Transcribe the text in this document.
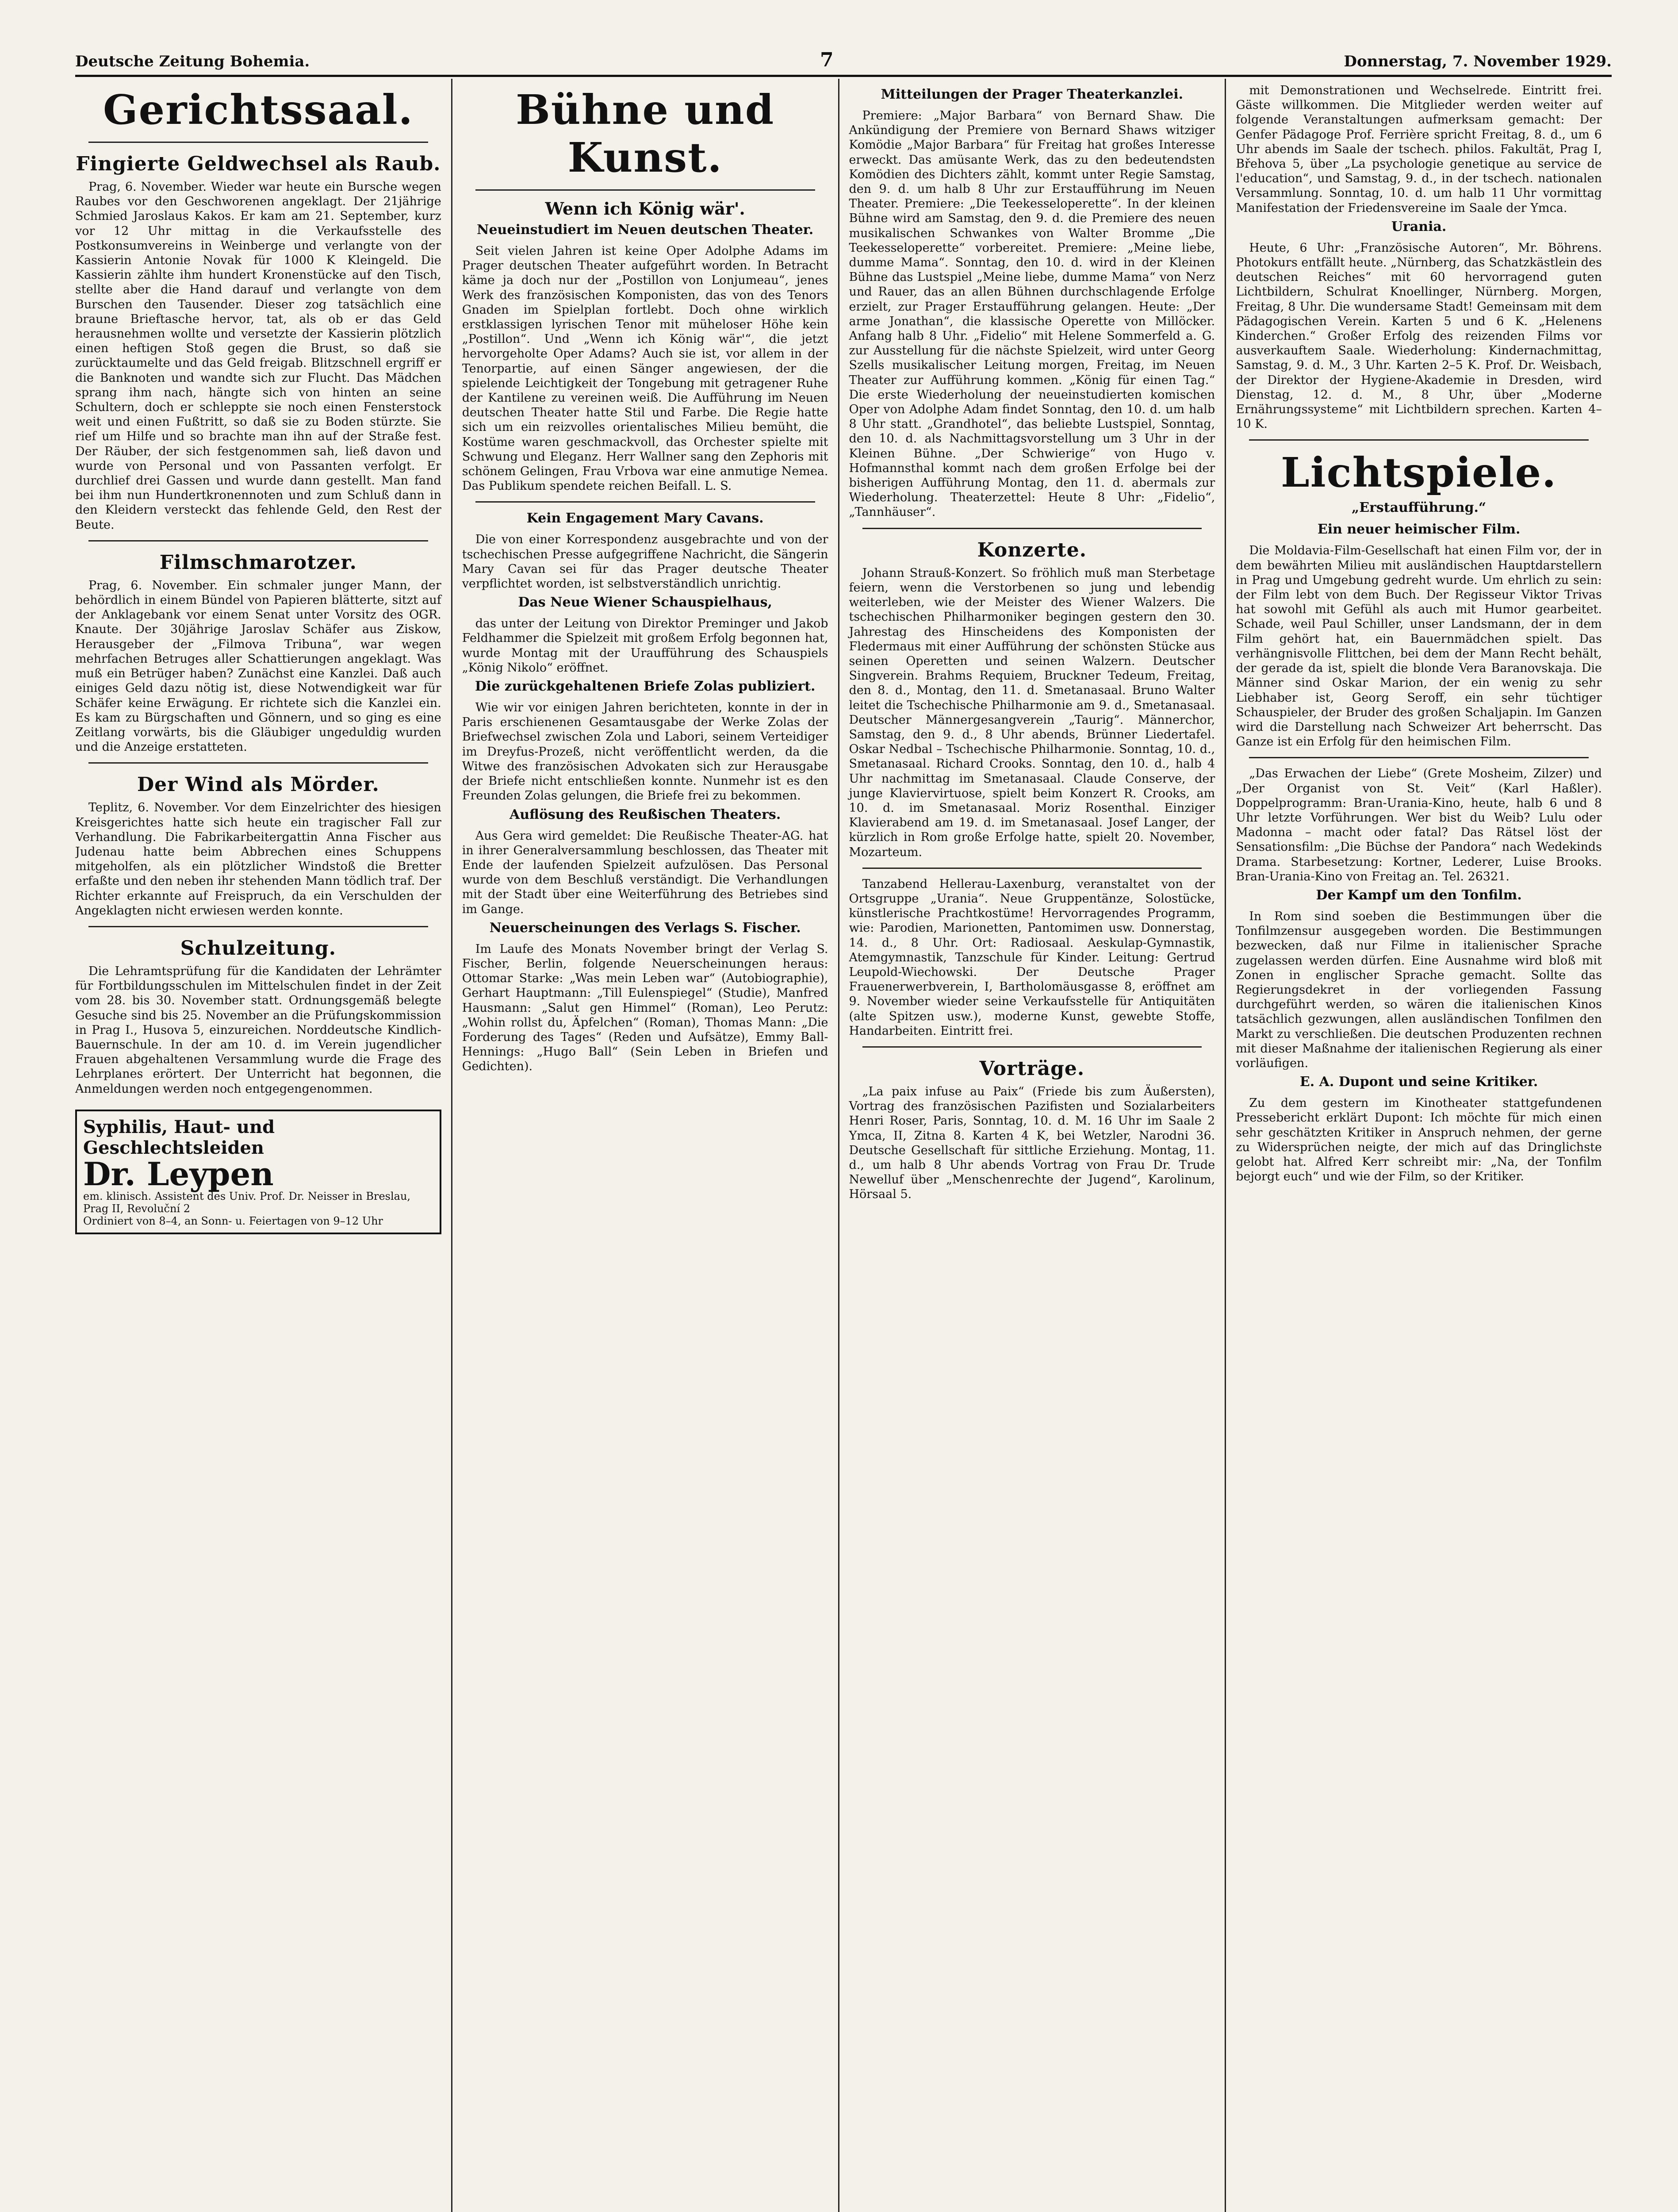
Deutsche Zeitung Bohemia.	7	Donnerstag, 7. November 1929.
Gerichtssaal.
Fingierte Geldwechsel als Raub.

Prag, 6. November. Wieder war heute ein Bursche wegen Raubes vor den Geschworenen angeklagt. Der 21jährige Schmied Jaroslaus Kakos. Er kam am 21. September, kurz vor 12 Uhr mittag in die Verkaufsstelle des Postkonsumvereins in Weinberge und verlangte von der Kassierin Antonie Novak für 1000 K Kleingeld. Die Kassierin zählte ihm hundert Kronenstücke auf den Tisch, stellte aber die Hand darauf und verlangte von dem Burschen den Tausender. Dieser zog tatsächlich eine braune Brieftasche hervor, tat, als ob er das Geld herausnehmen wollte und versetzte der Kassierin plötzlich einen heftigen Stoß gegen die Brust, so daß sie zurücktaumelte und das Geld freigab. Blitzschnell ergriff er die Banknoten und wandte sich zur Flucht. Das Mädchen sprang ihm nach, hängte sich von hinten an seine Schultern, doch er schleppte sie noch einen Fensterstock weit und einen Fußtritt, so daß sie zu Boden stürzte. Sie rief um Hilfe und so brachte man ihn auf der Straße fest. Der Räuber, der sich festgenommen sah, ließ davon und wurde von Personal und von Passanten verfolgt. Er durchlief drei Gassen und wurde dann gestellt. Man fand bei ihm nun Hundertkronennoten und zum Schluß dann in den Kleidern versteckt das fehlende Geld, den Rest der Beute.

Filmschmarotzer.

Prag, 6. November. Ein schmaler junger Mann, der behördlich in einem Bündel von Papieren blätterte, sitzt auf der Anklagebank vor einem Senat unter Vorsitz des OGR. Knaute. Der 30jährige Jaroslav Schäfer aus Ziskow, Herausgeber der „Filmova Tribuna“, war wegen mehrfachen Betruges aller Schattierungen angeklagt. Was muß ein Betrüger haben? Zunächst eine Kanzlei. Daß auch einiges Geld dazu nötig ist, diese Notwendigkeit war für Schäfer keine Erwägung. Er richtete sich die Kanzlei ein. Es kam zu Bürgschaften und Gönnern, und so ging es eine Zeitlang vorwärts, bis die Gläubiger ungeduldig wurden und die Anzeige erstatteten.

Der Wind als Mörder.

Teplitz, 6. November. Vor dem Einzelrichter des hiesigen Kreisgerichtes hatte sich heute ein tragischer Fall zur Verhandlung. Die Fabrikarbeitergattin Anna Fischer aus Judenau hatte beim Abbrechen eines Schuppens mitgeholfen, als ein plötzlicher Windstoß die Bretter erfaßte und den neben ihr stehenden Mann tödlich traf. Der Richter erkannte auf Freispruch, da ein Verschulden der Angeklagten nicht erwiesen werden konnte.

Schulzeitung.

Die Lehramtsprüfung für die Kandidaten der Lehrämter für Fortbildungsschulen im Mittelschulen findet in der Zeit vom 28. bis 30. November statt. Ordnungsgemäß belegte Gesuche sind bis 25. November an die Prüfungskommission in Prag I., Husova 5, einzureichen. Norddeutsche Kindlich-Bauernschule. In der am 10. d. im Verein jugendlicher Frauen abgehaltenen Versammlung wurde die Frage des Lehrplanes erörtert. Der Unterricht hat begonnen, die Anmeldungen werden noch entgegengenommen.

Syphilis, Haut- und Geschlechtsleiden
Dr. Leypen
em. klinisch. Assistent des Univ. Prof. Dr. Neisser in Breslau, Prag II, Revoluční 2
Ordiniert von 8–4, an Sonn- u. Feiertagen von 9–12 Uhr
Bühne und Kunst.
Wenn ich König wär'.
Neueinstudiert im Neuen deutschen Theater.

Seit vielen Jahren ist keine Oper Adolphe Adams im Prager deutschen Theater aufgeführt worden. In Betracht käme ja doch nur der „Postillon von Lonjumeau“, jenes Werk des französischen Komponisten, das von des Tenors Gnaden im Spielplan fortlebt. Doch ohne wirklich erstklassigen lyrischen Tenor mit müheloser Höhe kein „Postillon“. Und „Wenn ich König wär'“, die jetzt hervorgeholte Oper Adams? Auch sie ist, vor allem in der Tenorpartie, auf einen Sänger angewiesen, der die spielende Leichtigkeit der Tongebung mit getragener Ruhe der Kantilene zu vereinen weiß. Die Aufführung im Neuen deutschen Theater hatte Stil und Farbe. Die Regie hatte sich um ein reizvolles orientalisches Milieu bemüht, die Kostüme waren geschmackvoll, das Orchester spielte mit Schwung und Eleganz. Herr Wallner sang den Zephoris mit schönem Gelingen, Frau Vrbova war eine anmutige Nemea. Das Publikum spendete reichen Beifall. L. S.

Kein Engagement Mary Cavans.

Die von einer Korrespondenz ausgebrachte und von der tschechischen Presse aufgegriffene Nachricht, die Sängerin Mary Cavan sei für das Prager deutsche Theater verpflichtet worden, ist selbstverständlich unrichtig.

Das Neue Wiener Schauspielhaus,

das unter der Leitung von Direktor Preminger und Jakob Feldhammer die Spielzeit mit großem Erfolg begonnen hat, wurde Montag mit der Uraufführung des Schauspiels „König Nikolo“ eröffnet.

Die zurückgehaltenen Briefe Zolas publiziert.

Wie wir vor einigen Jahren berichteten, konnte in der in Paris erschienenen Gesamtausgabe der Werke Zolas der Briefwechsel zwischen Zola und Labori, seinem Verteidiger im Dreyfus-Prozeß, nicht veröffentlicht werden, da die Witwe des französischen Advokaten sich zur Herausgabe der Briefe nicht entschließen konnte. Nunmehr ist es den Freunden Zolas gelungen, die Briefe frei zu bekommen.

Auflösung des Reußischen Theaters.

Aus Gera wird gemeldet: Die Reußische Theater-AG. hat in ihrer Generalversammlung beschlossen, das Theater mit Ende der laufenden Spielzeit aufzulösen. Das Personal wurde von dem Beschluß verständigt. Die Verhandlungen mit der Stadt über eine Weiterführung des Betriebes sind im Gange.

Neuerscheinungen des Verlags S. Fischer.

Im Laufe des Monats November bringt der Verlag S. Fischer, Berlin, folgende Neuerscheinungen heraus: Ottomar Starke: „Was mein Leben war“ (Autobiographie), Gerhart Hauptmann: „Till Eulenspiegel“ (Studie), Manfred Hausmann: „Salut gen Himmel“ (Roman), Leo Perutz: „Wohin rollst du, Äpfelchen“ (Roman), Thomas Mann: „Die Forderung des Tages“ (Reden und Aufsätze), Emmy Ball-Hennings: „Hugo Ball“ (Sein Leben in Briefen und Gedichten).

Mitteilungen der Prager Theaterkanzlei.

Premiere: „Major Barbara“ von Bernard Shaw. Die Ankündigung der Premiere von Bernard Shaws witziger Komödie „Major Barbara“ für Freitag hat großes Interesse erweckt. Das amüsante Werk, das zu den bedeutendsten Komödien des Dichters zählt, kommt unter Regie Samstag, den 9. d. um halb 8 Uhr zur Erstaufführung im Neuen Theater. Premiere: „Die Teekesseloperette“. In der kleinen Bühne wird am Samstag, den 9. d. die Premiere des neuen musikalischen Schwankes von Walter Bromme „Die Teekesseloperette“ vorbereitet. Premiere: „Meine liebe, dumme Mama“. Sonntag, den 10. d. wird in der Kleinen Bühne das Lustspiel „Meine liebe, dumme Mama“ von Nerz und Rauer, das an allen Bühnen durchschlagende Erfolge erzielt, zur Prager Erstaufführung gelangen. Heute: „Der arme Jonathan“, die klassische Operette von Millöcker. Anfang halb 8 Uhr. „Fidelio“ mit Helene Sommerfeld a. G. zur Ausstellung für die nächste Spielzeit, wird unter Georg Szells musikalischer Leitung morgen, Freitag, im Neuen Theater zur Aufführung kommen. „König für einen Tag.“ Die erste Wiederholung der neueinstudierten komischen Oper von Adolphe Adam findet Sonntag, den 10. d. um halb 8 Uhr statt. „Grandhotel“, das beliebte Lustspiel, Sonntag, den 10. d. als Nachmittagsvorstellung um 3 Uhr in der Kleinen Bühne. „Der Schwierige“ von Hugo v. Hofmannsthal kommt nach dem großen Erfolge bei der bisherigen Aufführung Montag, den 11. d. abermals zur Wiederholung. Theaterzettel: Heute 8 Uhr: „Fidelio“, „Tannhäuser“.

Konzerte.

Johann Strauß-Konzert. So fröhlich muß man Sterbetage feiern, wenn die Verstorbenen so jung und lebendig weiterleben, wie der Meister des Wiener Walzers. Die tschechischen Philharmoniker begingen gestern den 30. Jahrestag des Hinscheidens des Komponisten der Fledermaus mit einer Aufführung der schönsten Stücke aus seinen Operetten und seinen Walzern. Deutscher Singverein. Brahms Requiem, Bruckner Tedeum, Freitag, den 8. d., Montag, den 11. d. Smetanasaal. Bruno Walter leitet die Tschechische Philharmonie am 9. d., Smetanasaal. Deutscher Männergesangverein „Taurig“. Männerchor, Samstag, den 9. d., 8 Uhr abends, Brünner Liedertafel. Oskar Nedbal – Tschechische Philharmonie. Sonntag, 10. d., Smetanasaal. Richard Crooks. Sonntag, den 10. d., halb 4 Uhr nachmittag im Smetanasaal. Claude Conserve, der junge Klaviervirtuose, spielt beim Konzert R. Crooks, am 10. d. im Smetanasaal. Moriz Rosenthal. Einziger Klavierabend am 19. d. im Smetanasaal. Josef Langer, der kürzlich in Rom große Erfolge hatte, spielt 20. November, Mozarteum.

Tanzabend Hellerau-Laxenburg, veranstaltet von der Ortsgruppe „Urania“. Neue Gruppentänze, Solostücke, künstlerische Prachtkostüme! Hervorragendes Programm, wie: Parodien, Marionetten, Pantomimen usw. Donnerstag, 14. d., 8 Uhr. Ort: Radiosaal. Aeskulap-Gymnastik, Atemgymnastik, Tanzschule für Kinder. Leitung: Gertrud Leupold-Wiechowski. Der Deutsche Prager Frauenerwerbverein, I, Bartholomäusgasse 8, eröffnet am 9. November wieder seine Verkaufsstelle für Antiquitäten (alte Spitzen usw.), moderne Kunst, gewebte Stoffe, Handarbeiten. Eintritt frei.

Vorträge.

„La paix infuse au Paix“ (Friede bis zum Äußersten), Vortrag des französischen Pazifisten und Sozialarbeiters Henri Roser, Paris, Sonntag, 10. d. M. 16 Uhr im Saale 2 Ymca, II, Zitna 8. Karten 4 K, bei Wetzler, Narodni 36. Deutsche Gesellschaft für sittliche Erziehung. Montag, 11. d., um halb 8 Uhr abends Vortrag von Frau Dr. Trude Newelluf über „Menschenrechte der Jugend“, Karolinum, Hörsaal 5.

mit Demonstrationen und Wechselrede. Eintritt frei. Gäste willkommen. Die Mitglieder werden weiter auf folgende Veranstaltungen aufmerksam gemacht: Der Genfer Pädagoge Prof. Ferrière spricht Freitag, 8. d., um 6 Uhr abends im Saale der tschech. philos. Fakultät, Prag I, Břehova 5, über „La psychologie genetique au service de l'education“, und Samstag, 9. d., in der tschech. nationalen Versammlung. Sonntag, 10. d. um halb 11 Uhr vormittag Manifestation der Friedensvereine im Saale der Ymca.

Urania.

Heute, 6 Uhr: „Französische Autoren“, Mr. Böhrens. Photokurs entfällt heute. „Nürnberg, das Schatzkästlein des deutschen Reiches“ mit 60 hervorragend guten Lichtbildern, Schulrat Knoellinger, Nürnberg. Morgen, Freitag, 8 Uhr. Die wundersame Stadt! Gemeinsam mit dem Pädagogischen Verein. Karten 5 und 6 K. „Helenens Kinderchen.“ Großer Erfolg des reizenden Films vor ausverkauftem Saale. Wiederholung: Kindernachmittag, Samstag, 9. d. M., 3 Uhr. Karten 2–5 K. Prof. Dr. Weisbach, der Direktor der Hygiene-Akademie in Dresden, wird Dienstag, 12. d. M., 8 Uhr, über „Moderne Ernährungssysteme“ mit Lichtbildern sprechen. Karten 4–10 K.

Lichtspiele.
„Erstaufführung.“
Ein neuer heimischer Film.

Die Moldavia-Film-Gesellschaft hat einen Film vor, der in dem bewährten Milieu mit ausländischen Hauptdarstellern in Prag und Umgebung gedreht wurde. Um ehrlich zu sein: der Film lebt von dem Buch. Der Regisseur Viktor Trivas hat sowohl mit Gefühl als auch mit Humor gearbeitet. Schade, weil Paul Schiller, unser Landsmann, der in dem Film gehört hat, ein Bauernmädchen spielt. Das verhängnisvolle Flittchen, bei dem der Mann Recht behält, der gerade da ist, spielt die blonde Vera Baranovskaja. Die Männer sind Oskar Marion, der ein wenig zu sehr Liebhaber ist, Georg Seroff, ein sehr tüchtiger Schauspieler, der Bruder des großen Schaljapin. Im Ganzen wird die Darstellung nach Schweizer Art beherrscht. Das Ganze ist ein Erfolg für den heimischen Film.

„Das Erwachen der Liebe“ (Grete Mosheim, Zilzer) und „Der Organist von St. Veit“ (Karl Haßler). Doppelprogramm: Bran-Urania-Kino, heute, halb 6 und 8 Uhr letzte Vorführungen. Wer bist du Weib? Lulu oder Madonna – macht oder fatal? Das Rätsel löst der Sensationsfilm: „Die Büchse der Pandora“ nach Wedekinds Drama. Starbesetzung: Kortner, Lederer, Luise Brooks. Bran-Urania-Kino von Freitag an. Tel. 26321.

Der Kampf um den Tonfilm.

In Rom sind soeben die Bestimmungen über die Tonfilmzensur ausgegeben worden. Die Bestimmungen bezwecken, daß nur Filme in italienischer Sprache zugelassen werden dürfen. Eine Ausnahme wird bloß mit Zonen in englischer Sprache gemacht. Sollte das Regierungsdekret in der vorliegenden Fassung durchgeführt werden, so wären die italienischen Kinos tatsächlich gezwungen, allen ausländischen Tonfilmen den Markt zu verschließen. Die deutschen Produzenten rechnen mit dieser Maßnahme der italienischen Regierung als einer vorläufigen.

E. A. Dupont und seine Kritiker.

Zu dem gestern im Kinotheater stattgefundenen Pressebericht erklärt Dupont: Ich möchte für mich einen sehr geschätzten Kritiker in Anspruch nehmen, der gerne zu Widersprüchen neigte, der mich auf das Dringlichste gelobt hat. Alfred Kerr schreibt mir: „Na, der Tonfilm bejorgt euch“ und wie der Film, so der Kritiker.
